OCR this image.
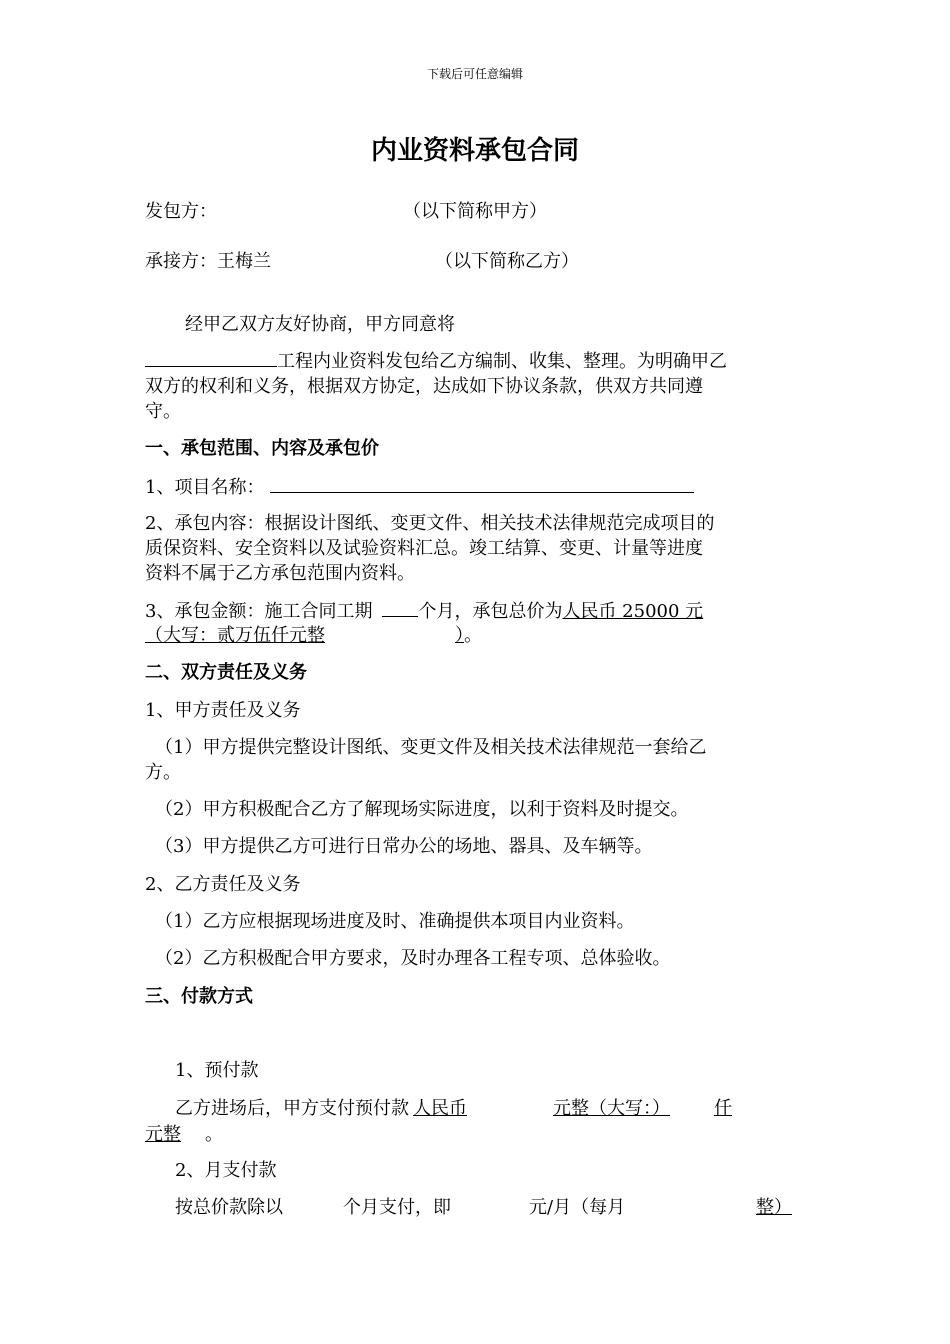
下载后可任意编辑
内业资料承包合同
发包方：	（以下简称甲方）
承接方：王梅兰	（以下简称乙方）
经甲乙双方友好协商，甲方同意将
工程内业资料发包给乙方编制、收集、整理。为明确甲乙
双方的权利和义务，根据双方协定，达成如下协议条款，供双方共同遵
守。
一、承包范围、内容及承包价
1、项目名称：
2、承包内容：根据设计图纸、变更文件、相关技术法律规范完成项目的
质保资料、安全资料以及试验资料汇总。竣工结算、变更、计量等进度
资料不属于乙方承包范围内资料。
3、承包金额：施工合同工期	个月，承包总价为人民币 25000 元
（大写：贰万伍仟元整	）。
二、双方责任及义务
1、甲方责任及义务
（1）甲方提供完整设计图纸、变更文件及相关技术法律规范一套给乙
方。
（2）甲方积极配合乙方了解现场实际进度，以利于资料及时提交。
（3）甲方提供乙方可进行日常办公的场地、器具、及车辆等。
2、乙方责任及义务
（1）乙方应根据现场进度及时、准确提供本项目内业资料。
（2）乙方积极配合甲方要求，及时办理各工程专项、总体验收。
三、付款方式
1、预付款
乙方进场后，甲方支付预付款 人民币	元整（大写：） 仟
元整 。
2、月支付款
按总价款除以	个月支付，即	元/月（每月	整）
